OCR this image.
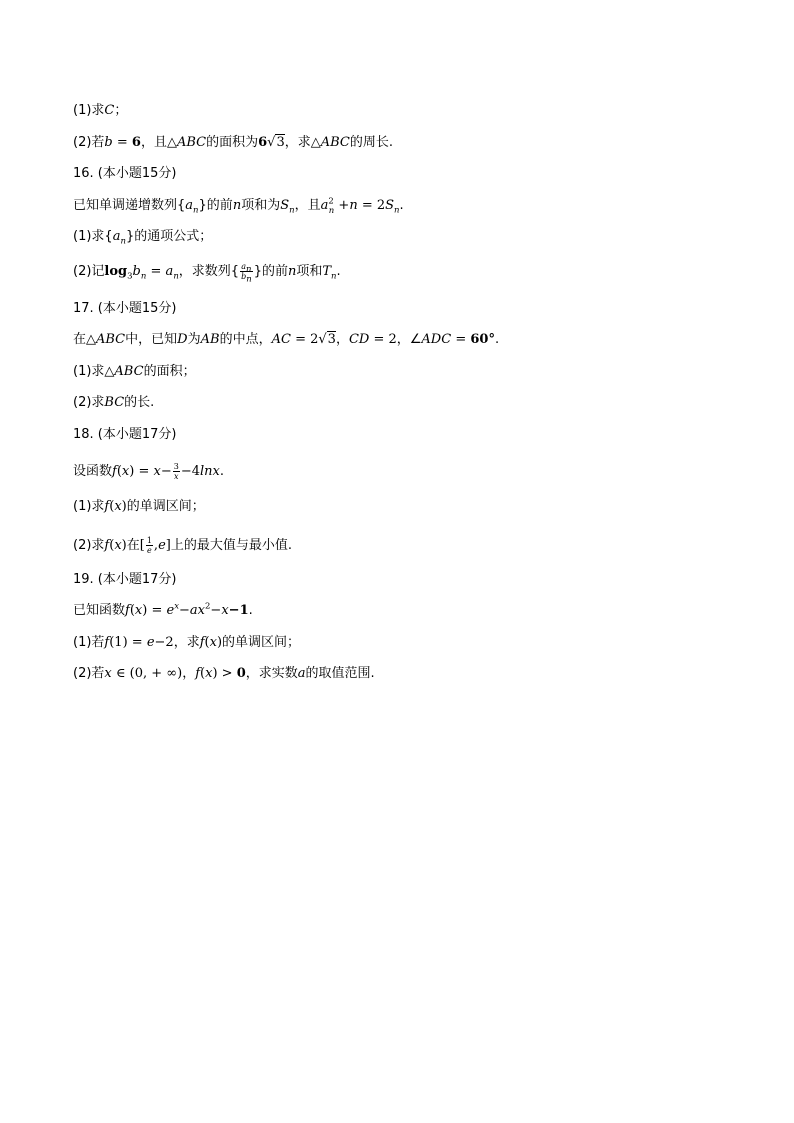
(1)求C；
(2)若b = 6，且△ABC的面积为6√3，求△ABC的周长.
16. (本小题15分)
已知单调递增数列$\{a_n\}$的前n项和为$S_n$，且$a^2_n +n = 2S_n$.
(1)求$\{a_n\}$的通项公式；
(2)记$\log_3b_n = a_n$，求数列{ $\frac{a_n}{b_n}$ }的前n项和$T_n$.
17. (本小题15分)
在△ABC中，已知D为AB的中点，AC = 2√3，CD = 2，∠ADC = 60°.
(1)求△ABC的面积；
(2)求BC的长.
18. (本小题17分)
设函数$f(x) = x- \frac{3}{x} -4\ln x$.
(1)求f(x)的单调区间；
(2)求f(x)在[ $\frac{1}{e} ,e$]上的最大值与最小值.
19. (本小题17分)
已知函数$f(x) = e^x-ax^2-x-1$.
(1)若f(1) = e−2，求f(x)的单调区间；
(2)若x ∈ (0, + ∞)，f(x) > 0，求实数a的取值范围.
